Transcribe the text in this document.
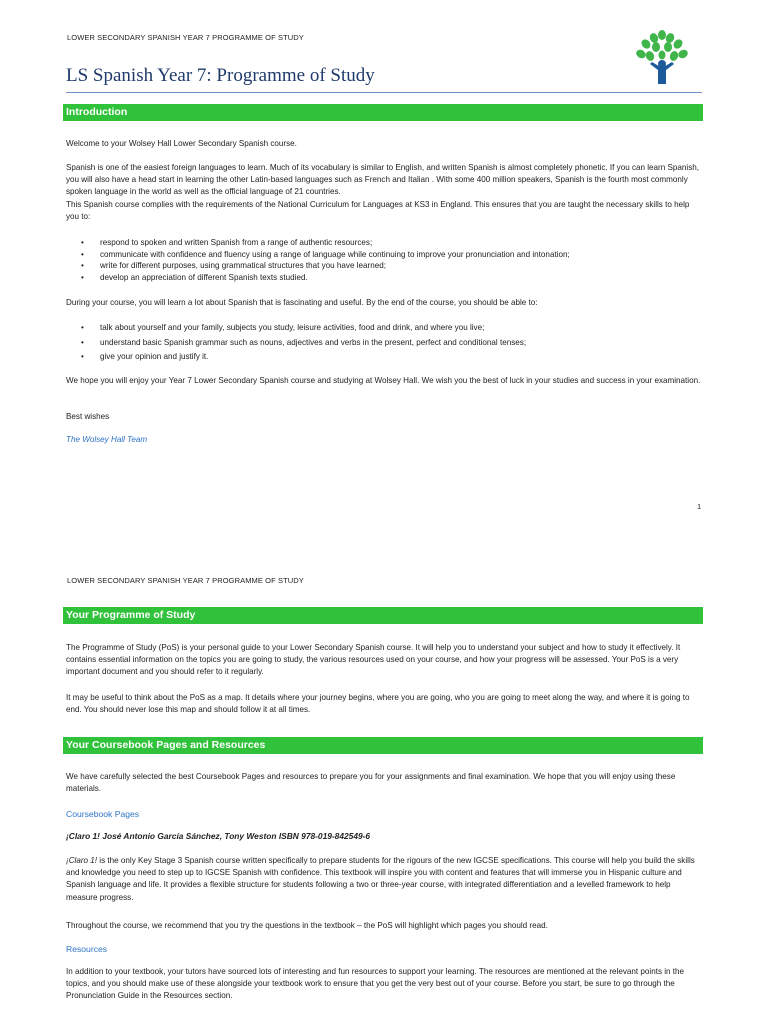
LOWER SECONDARY SPANISH YEAR 7 PROGRAMME OF STUDY
LS Spanish Year 7: Programme of Study
Introduction

Welcome to your Wolsey Hall Lower Secondary Spanish course.

Spanish is one of the easiest foreign languages to learn. Much of its vocabulary is similar to English, and written Spanish is almost completely phonetic. If you can learn Spanish, you will also have a head start in learning the other Latin-based languages such as French and Italian . With some 400 million speakers, Spanish is the fourth most commonly spoken language in the world as well as the official language of 21 countries.

This Spanish course complies with the requirements of the National Curriculum for Languages at KS3 in England. This ensures that you are taught the necessary skills to help you to:

• respond to spoken and written Spanish from a range of authentic resources;
• communicate with confidence and fluency using a range of language while continuing to improve your pronunciation and intonation;
• write for different purposes, using grammatical structures that you have learned;
• develop an appreciation of different Spanish texts studied.

During your course, you will learn a lot about Spanish that is fascinating and useful. By the end of the course, you should be able to:

• talk about yourself and your family, subjects you study, leisure activities, food and drink, and where you live;
• understand basic Spanish grammar such as nouns, adjectives and verbs in the present, perfect and conditional tenses;
• give your opinion and justify it.

We hope you will enjoy your Year 7 Lower Secondary Spanish course and studying at Wolsey Hall. We wish you the best of luck in your studies and success in your examination.

Best wishes
The Wolsey Hall Team
1
LOWER SECONDARY SPANISH YEAR 7 PROGRAMME OF STUDY
Your Programme of Study

The Programme of Study (PoS) is your personal guide to your Lower Secondary Spanish course. It will help you to understand your subject and how to study it effectively. It contains essential information on the topics you are going to study, the various resources used on your course, and how your progress will be assessed. Your PoS is a very important document and you should refer to it regularly.

It may be useful to think about the PoS as a map. It details where your journey begins, where you are going, who you are going to meet along the way, and where it is going to end. You should never lose this map and should follow it at all times.

Your Coursebook Pages and Resources

We have carefully selected the best Coursebook Pages and resources to prepare you for your assignments and final examination. We hope that you will enjoy using these materials.

Coursebook Pages
¡Claro 1! José Antonio García Sánchez, Tony Weston ISBN 978-019-842549-6

¡Claro 1! is the only Key Stage 3 Spanish course written specifically to prepare students for the rigours of the new IGCSE specifications. This course will help you build the skills and knowledge you need to step up to IGCSE Spanish with confidence. This textbook will inspire you with content and features that will immerse you in Hispanic culture and Spanish language and life. It provides a flexible structure for students following a two or three-year course, with integrated differentiation and a levelled framework to help measure progress.

Throughout the course, we recommend that you try the questions in the textbook – the PoS will highlight which pages you should read.

Resources

In addition to your textbook, your tutors have sourced lots of interesting and fun resources to support your learning. The resources are mentioned at the relevant points in the topics, and you should make use of these alongside your textbook work to ensure that you get the very best out of your course. Before you start, be sure to go through the Pronunciation Guide in the Resources section.
